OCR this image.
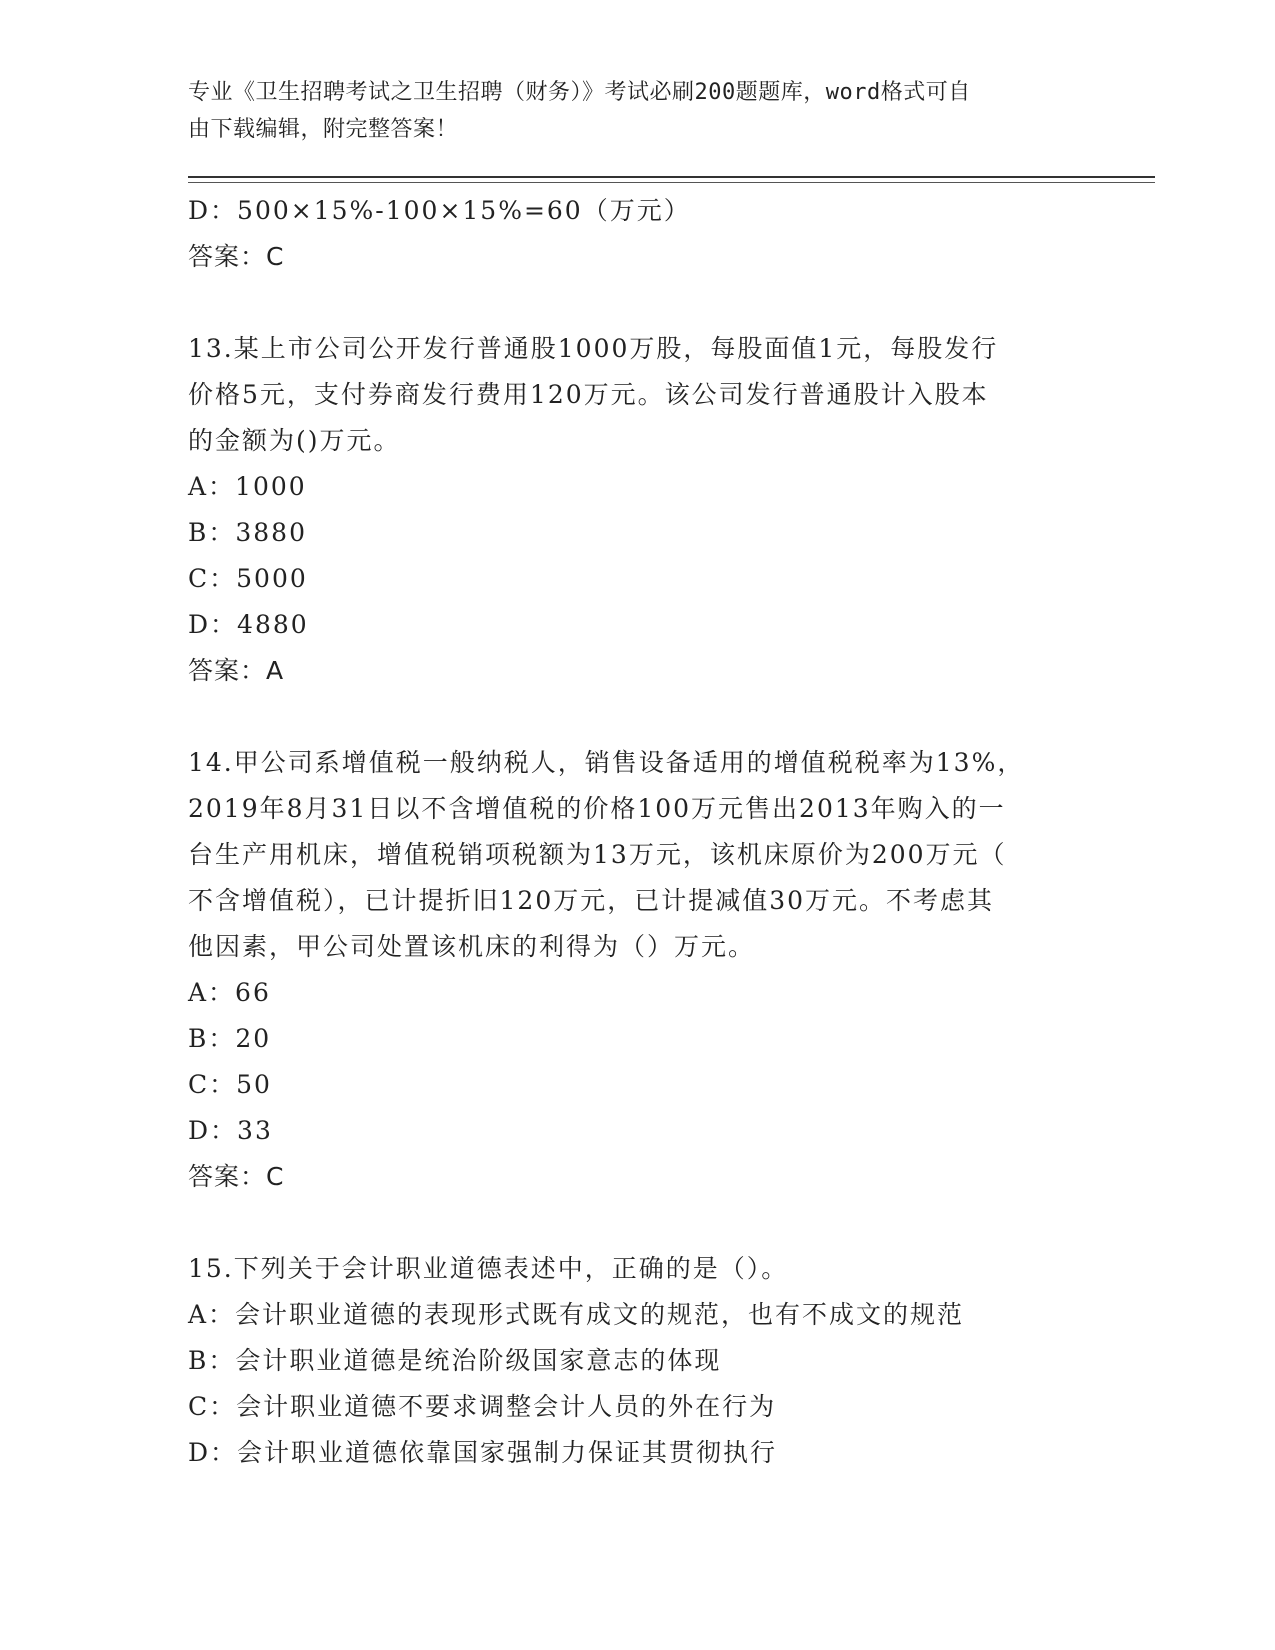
专业《卫生招聘考试之卫生招聘（财务）》考试必刷200题题库，word格式可自
由下载编辑，附完整答案！
D：500×15%-100×15%=60（万元）
答案：C
13.某上市公司公开发行普通股1000万股，每股面值1元，每股发行
价格5元，支付券商发行费用120万元。该公司发行普通股计入股本
的金额为()万元。
A：1000
B：3880
C：5000
D：4880
答案：A
14.甲公司系增值税一般纳税人，销售设备适用的增值税税率为13%，
2019年8月31日以不含增值税的价格100万元售出2013年购入的一
台生产用机床，增值税销项税额为13万元，该机床原价为200万元（
不含增值税），已计提折旧120万元，已计提减值30万元。不考虑其
他因素，甲公司处置该机床的利得为（）万元。
A：66
B：20
C：50
D：33
答案：C
15.下列关于会计职业道德表述中，正确的是（）。
A：会计职业道德的表现形式既有成文的规范，也有不成文的规范
B：会计职业道德是统治阶级国家意志的体现
C：会计职业道德不要求调整会计人员的外在行为
D：会计职业道德依靠国家强制力保证其贯彻执行
